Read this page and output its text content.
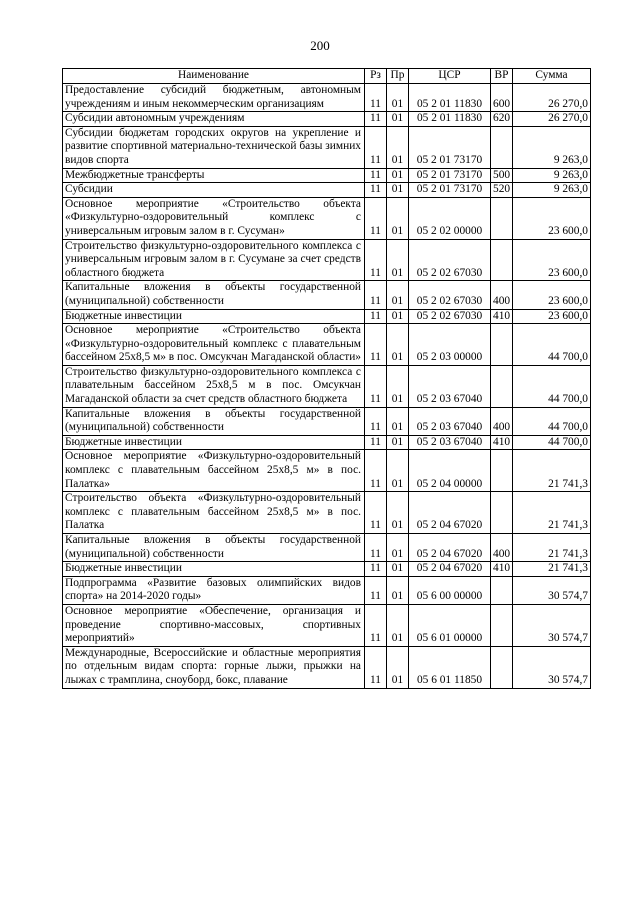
200
Наименование	Рз	Пр	ЦСР	ВР	Сумма
Предоставление субсидий бюджетным, автономным учреждениям и иным некоммерческим организациям	11	01	05 2 01 11830	600	26 270,0
Субсидии автономным учреждениям	11	01	05 2 01 11830	620	26 270,0
Субсидии бюджетам городских округов на укрепление и развитие спортивной материально-технической базы зимних видов спорта	11	01	05 2 01 73170		9 263,0
Межбюджетные трансферты	11	01	05 2 01 73170	500	9 263,0
Субсидии	11	01	05 2 01 73170	520	9 263,0
Основное мероприятие «Строительство объекта «Физкультурно-оздоровительный комплекс с универсальным игровым залом в г. Сусуман»	11	01	05 2 02 00000		23 600,0
Строительство физкультурно-оздоровительного комплекса с универсальным игровым залом в г. Сусумане за счет средств областного бюджета	11	01	05 2 02 67030		23 600,0
Капитальные вложения в объекты государственной (муниципальной) собственности	11	01	05 2 02 67030	400	23 600,0
Бюджетные инвестиции	11	01	05 2 02 67030	410	23 600,0
Основное мероприятие «Строительство объекта «Физкультурно-оздоровительный комплекс с плавательным бассейном 25х8,5 м» в пос. Омсукчан Магаданской области»	11	01	05 2 03 00000		44 700,0
Строительство физкультурно-оздоровительного комплекса с плавательным бассейном 25х8,5 м в пос. Омсукчан Магаданской области за счет средств областного бюджета	11	01	05 2 03 67040		44 700,0
Капитальные вложения в объекты государственной (муниципальной) собственности	11	01	05 2 03 67040	400	44 700,0
Бюджетные инвестиции	11	01	05 2 03 67040	410	44 700,0
Основное мероприятие «Физкультурно-оздоровительный комплекс с плавательным бассейном 25х8,5 м» в пос. Палатка»	11	01	05 2 04 00000		21 741,3
Строительство объекта «Физкультурно-оздоровительный комплекс с плавательным бассейном 25х8,5 м» в пос. Палатка	11	01	05 2 04 67020		21 741,3
Капитальные вложения в объекты государственной (муниципальной) собственности	11	01	05 2 04 67020	400	21 741,3
Бюджетные инвестиции	11	01	05 2 04 67020	410	21 741,3
Подпрограмма «Развитие базовых олимпийских видов спорта» на 2014-2020 годы»	11	01	05 6 00 00000		30 574,7
Основное мероприятие «Обеспечение, организация и проведение спортивно-массовых, спортивных мероприятий»	11	01	05 6 01 00000		30 574,7
Международные, Всероссийские и областные мероприятия по отдельным видам спорта: горные лыжи, прыжки на лыжах с трамплина, сноуборд, бокс, плавание	11	01	05 6 01 11850		30 574,7
